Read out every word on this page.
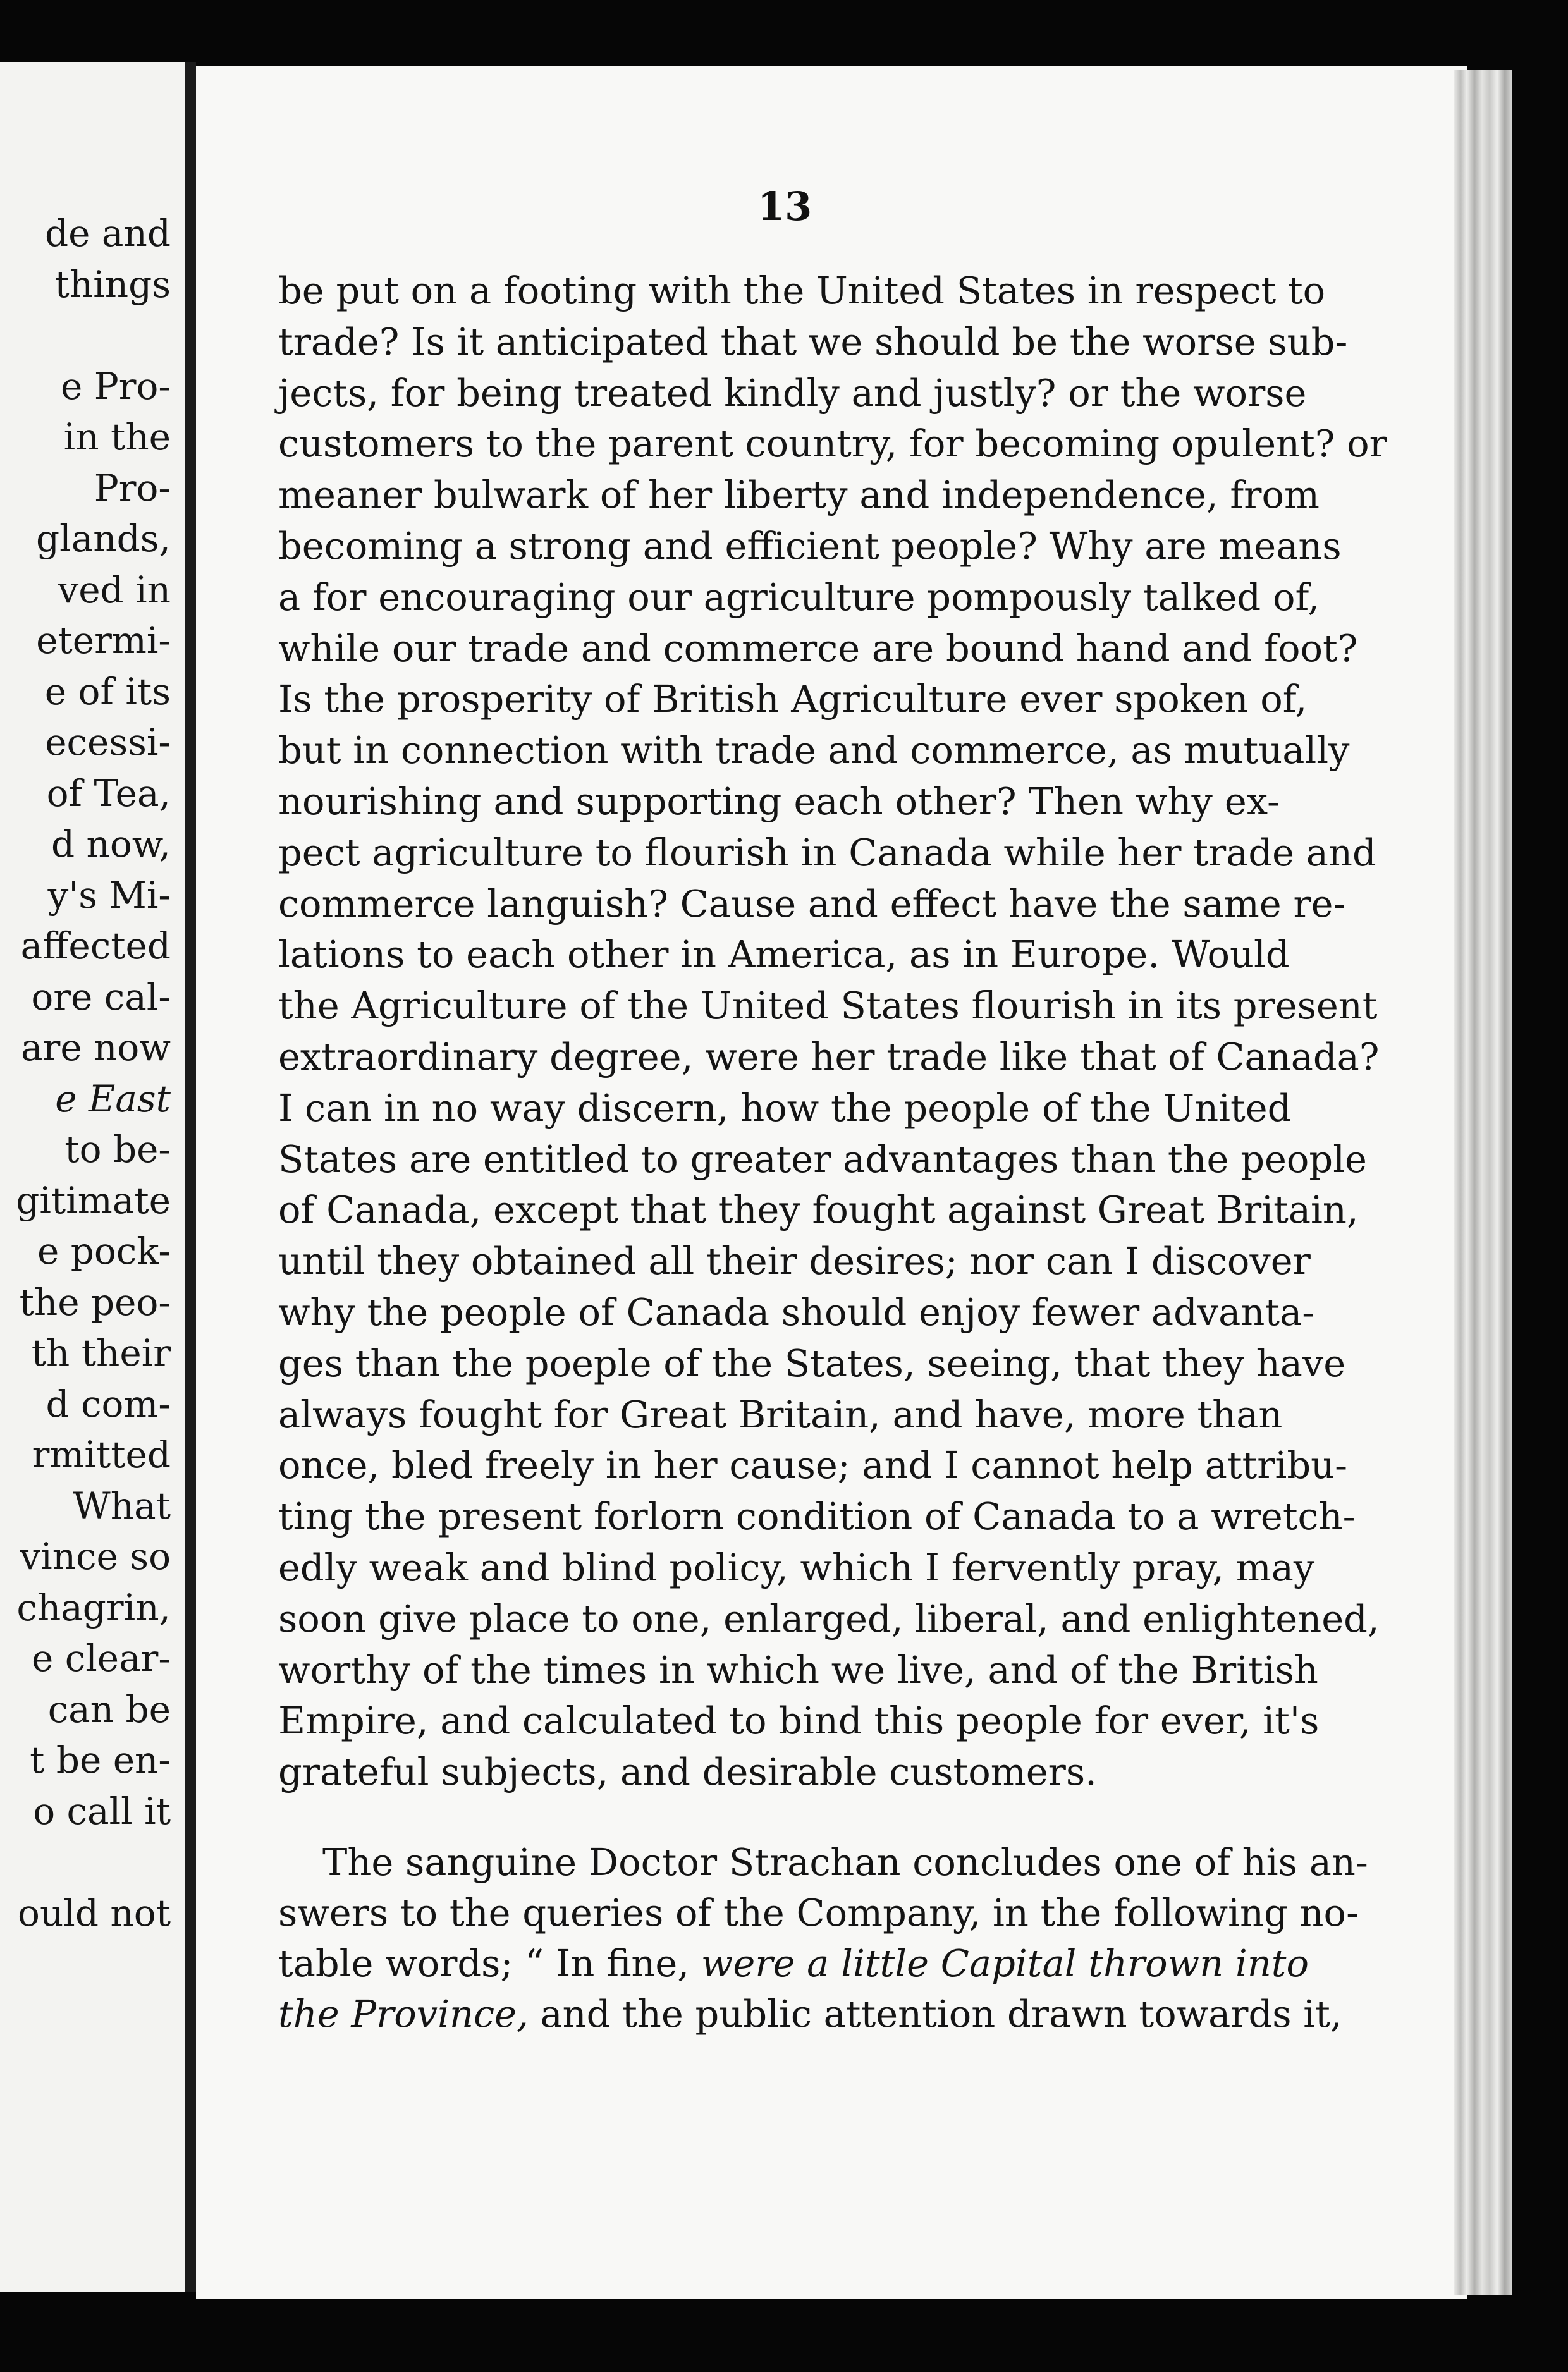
de and
things
e Pro-
in the
Pro-
glands,
ved in
etermi-
e of its
ecessi-
of Tea,
d now,
y's Mi-
affected
ore cal-
are now
e East
to be-
gitimate
e pock-
the peo-
th their
d com-
rmitted
What
vince so
chagrin,
e clear-
can be
t be en-
o call it
ould not
13
be put on a footing with the United States in respect to
trade? Is it anticipated that we should be the worse sub-
jects, for being treated kindly and justly? or the worse
customers to the parent country, for becoming opulent? or
meaner bulwark of her liberty and independence, from
becoming a strong and efficient people? Why are means
a for encouraging our agriculture pompously talked of,
while our trade and commerce are bound hand and foot?
Is the prosperity of British Agriculture ever spoken of,
but in connection with trade and commerce, as mutually
nourishing and supporting each other? Then why ex-
pect agriculture to flourish in Canada while her trade and
commerce languish? Cause and effect have the same re-
lations to each other in America, as in Europe. Would
the Agriculture of the United States flourish in its present
extraordinary degree, were her trade like that of Canada?
I can in no way discern, how the people of the United
States are entitled to greater advantages than the people
of Canada, except that they fought against Great Britain,
until they obtained all their desires; nor can I discover
why the people of Canada should enjoy fewer advanta-
ges than the poeple of the States, seeing, that they have
always fought for Great Britain, and have, more than
once, bled freely in her cause; and I cannot help attribu-
ting the present forlorn condition of Canada to a wretch-
edly weak and blind policy, which I fervently pray, may
soon give place to one, enlarged, liberal, and enlightened,
worthy of the times in which we live, and of the British
Empire, and calculated to bind this people for ever, it's
grateful subjects, and desirable customers.
The sanguine Doctor Strachan concludes one of his an-
swers to the queries of the Company, in the following no-
table words; “ In fine, were a little Capital thrown into
the Province, and the public attention drawn towards it,
